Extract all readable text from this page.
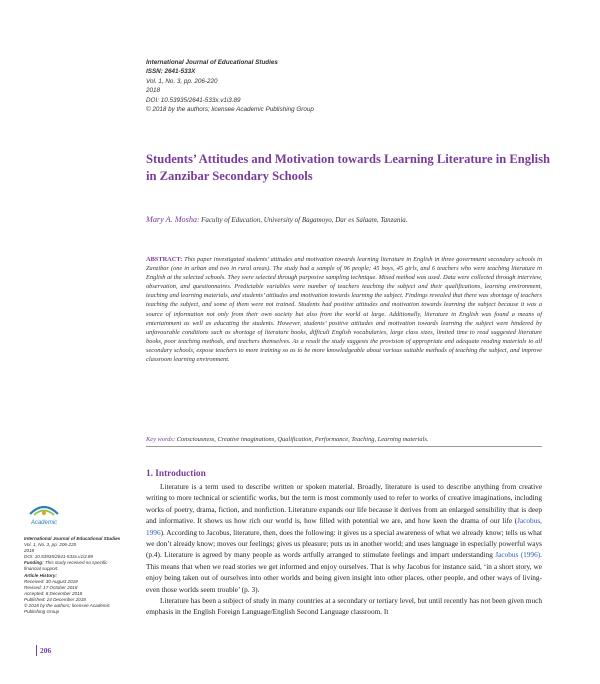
International Journal of Educational Studies
ISSN: 2641-533X
Vol. 1, No. 3, pp. 206-220
2018
DOI: 10.53935/2641-533x.v1i3.89
© 2018 by the authors; licensee Academic Publishing Group
Students’ Attitudes and Motivation towards Learning Literature in English in Zanzibar Secondary Schools
Mary A. Mosha: Faculty of Education, University of Bagamoyo, Dar es Salaam, Tanzania.
ABSTRACT: This paper investigated students’ attitudes and motivation towards learning literature in English in three government secondary schools in Zanzibar (one in urban and two in rural areas). The study had a sample of 96 people; 45 boys, 45 girls, and 6 teachers who were teaching literature in English at the selected schools. They were selected through purposive sampling technique. Mixed method was used. Data were collected through interview, observation, and questionnaires. Predictable variables were number of teachers teaching the subject and their qualifications, learning environment, teaching and learning materials, and students’ attitudes and motivation towards learning the subject. Findings revealed that there was shortage of teachers teaching the subject, and some of them were not trained. Students had positive attitudes and motivation towards learning the subject because it was a source of information not only from their own society but also from the world at large. Additionally, literature in English was found a means of entertainment as well as educating the students. However, students’ positive attitudes and motivation towards learning the subject were hindered by unfavourable conditions such as shortage of literature books, difficult English vocabularies, large class sizes, limited time to read suggested literature books, poor teaching methods, and teachers themselves. As a result the study suggests the provision of appropriate and adequate reading materials to all secondary schools, expose teachers to more training so as to be more knowledgeable about various suitable methods of teaching the subject, and improve classroom learning environment.
Key words: Consciousness, Creative imaginations, Qualification, Performance, Teaching, Learning materials.
1. Introduction

Literature is a term used to describe written or spoken material. Broadly, literature is used to describe anything from creative writing to more technical or scientific works, but the term is most commonly used to refer to works of creative imaginations, including works of poetry, drama, fiction, and nonfiction. Literature expands our life because it derives from an enlarged sensibility that is deep and informative. It shows us how rich our world is, how filled with potential we are, and how keen the drama of our life (Jacobus, 1996). According to Jacobus, literature, then, does the following: it gives us a special awareness of what we already know; tells us what we don’t already know; moves our feelings; gives us pleasure; puts us in another world; and uses language in especially powerful ways (p.4). Literature is agreed by many people as words artfully arranged to stimulate feelings and impart understanding Jacobus (1996). This means that when we read stories we get informed and enjoy ourselves. That is why Jacobus for instance said, ‘in a short story, we enjoy being taken out of ourselves into other worlds and being given insight into other places, other people, and other ways of living-even those worlds seem trouble’ (p. 3).

Literature has been a subject of study in many countries at a secondary or tertiary level, but until recently has not been given much emphasis in the English Foreign Language/English Second Language classroom. It

Academic
International Journal of Educational Studies
Vol. 1, No. 3, pp. 206-220
2018
DOI: 10.53935/2641-533x.v1i3.89
Funding: This study received no specific
financial support.
Article History:
Received: 30 August 2018
Revised: 17 October 2018
Accepted: 8 December 2018
Published: 24 December 2018
© 2018 by the authors; licensee Academic
Publishing Group
206
